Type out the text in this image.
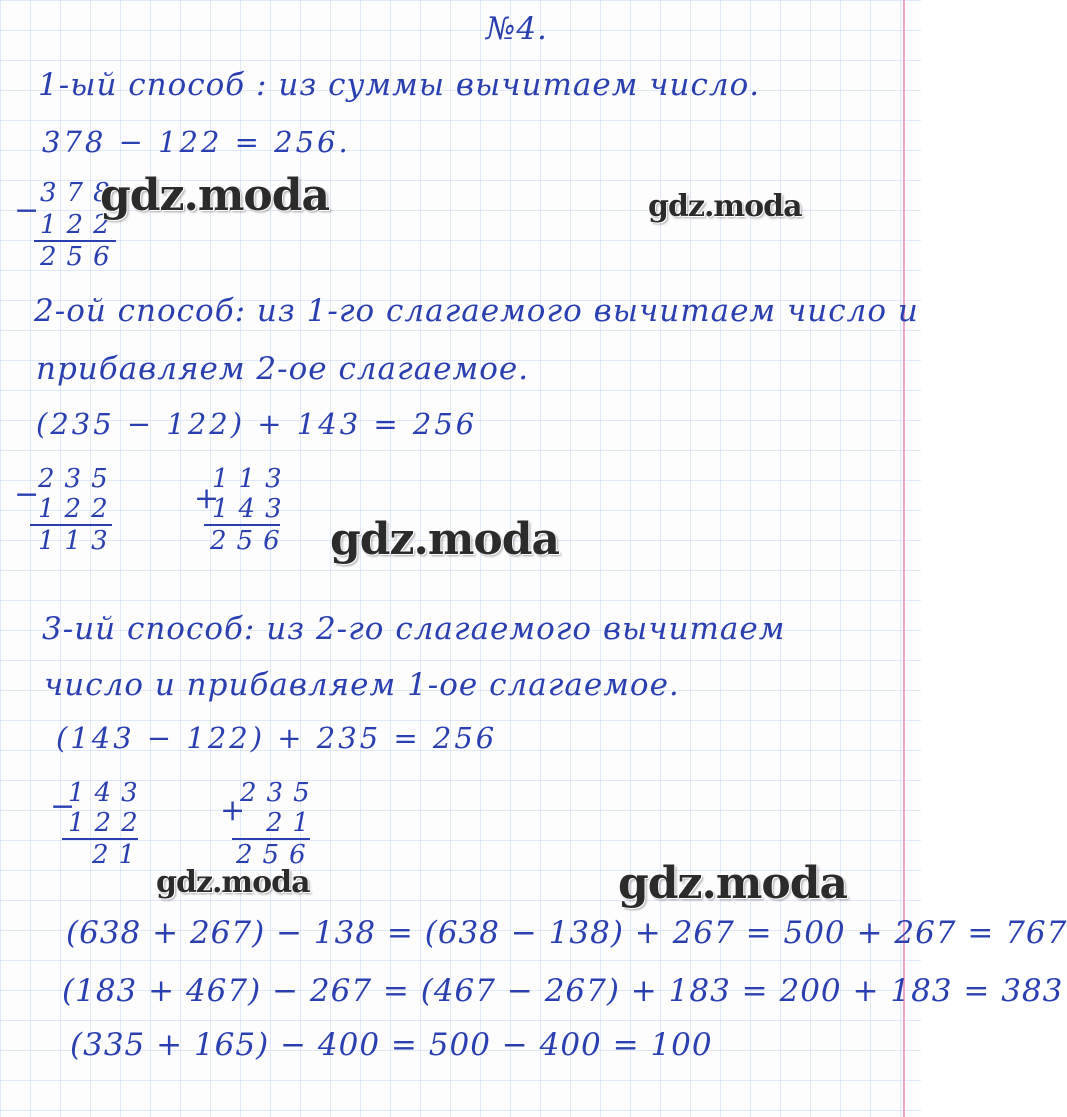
№4.

1-ый способ : из суммы вычитаем число.

378 − 122 = 256.

− 378

122

256

2-ой способ: из 1-го слагаемого вычитаем число и

прибавляем 2-ое слагаемое.

(235 − 122) + 143 = 256

−

235

122

113

+

113

143

256

3-ий способ: из 2-го слагаемого вычитаем

число и прибавляем 1-ое слагаемое.

(143 − 122) + 235 = 256

−

143

122

21

+

235

21

256

(638 + 267) − 138 = (638 − 138) + 267 = 500 + 267 = 767

(183 + 467) − 267 = (467 − 267) + 183 = 200 + 183 = 383

(335 + 165) − 400 = 500 − 400 = 100

gdz.moda	gdz.moda

gdz.moda

gdz.moda	gdz.moda
